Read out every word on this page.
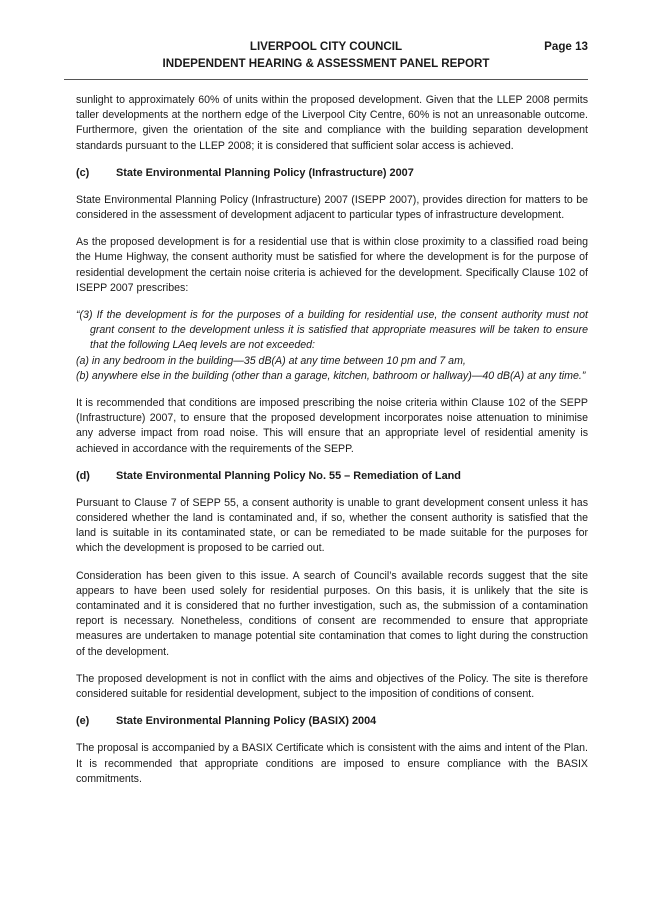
LIVERPOOL CITY COUNCIL
INDEPENDENT HEARING & ASSESSMENT PANEL REPORT
Page 13

sunlight to approximately 60% of units within the proposed development. Given that the LLEP 2008 permits taller developments at the northern edge of the Liverpool City Centre, 60% is not an unreasonable outcome. Furthermore, given the orientation of the site and compliance with the building separation development standards pursuant to the LLEP 2008; it is considered that sufficient solar access is achieved.

(c)	State Environmental Planning Policy (Infrastructure) 2007

State Environmental Planning Policy (Infrastructure) 2007 (ISEPP 2007), provides direction for matters to be considered in the assessment of development adjacent to particular types of infrastructure development.

As the proposed development is for a residential use that is within close proximity to a classified road being the Hume Highway, the consent authority must be satisfied for where the development is for the purpose of residential development the certain noise criteria is achieved for the development. Specifically Clause 102 of ISEPP 2007 prescribes:

“(3) If the development is for the purposes of a building for residential use, the consent authority must not grant consent to the development unless it is satisfied that appropriate measures will be taken to ensure that the following LAeq levels are not exceeded:

(a) in any bedroom in the building—35 dB(A) at any time between 10 pm and 7 am,

(b) anywhere else in the building (other than a garage, kitchen, bathroom or hallway)—40 dB(A) at any time.”

It is recommended that conditions are imposed prescribing the noise criteria within Clause 102 of the SEPP (Infrastructure) 2007, to ensure that the proposed development incorporates noise attenuation to minimise any adverse impact from road noise. This will ensure that an appropriate level of residential amenity is achieved in accordance with the requirements of the SEPP.

(d)	State Environmental Planning Policy No. 55 – Remediation of Land

Pursuant to Clause 7 of SEPP 55, a consent authority is unable to grant development consent unless it has considered whether the land is contaminated and, if so, whether the consent authority is satisfied that the land is suitable in its contaminated state, or can be remediated to be made suitable for the purposes for which the development is proposed to be carried out.

Consideration has been given to this issue. A search of Council’s available records suggest that the site appears to have been used solely for residential purposes. On this basis, it is unlikely that the site is contaminated and it is considered that no further investigation, such as, the submission of a contamination report is necessary. Nonetheless, conditions of consent are recommended to ensure that appropriate measures are undertaken to manage potential site contamination that comes to light during the construction of the development.

The proposed development is not in conflict with the aims and objectives of the Policy. The site is therefore considered suitable for residential development, subject to the imposition of conditions of consent.

(e)	State Environmental Planning Policy (BASIX) 2004

The proposal is accompanied by a BASIX Certificate which is consistent with the aims and intent of the Plan. It is recommended that appropriate conditions are imposed to ensure compliance with the BASIX commitments.
